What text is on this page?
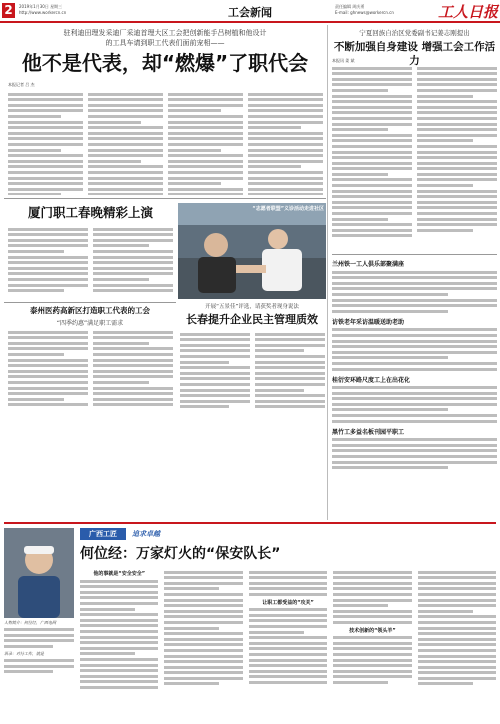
2	2019年1月30日 星期三
http://www.workercn.cn	工会新闻	责任编辑 周庆勇
E-mail: ghnews@workercn.cn	工人日报
驻利迪田理发采迪厂采迪首理大区工会把创新能手吕树植和他设计
的工具车请到职工代表们面前宠相——
他不是代表，却“燃爆”了职代会
本报记者 吕 杰
宁夏回族自治区党委副书记姜志刚提出
不断加强自身建设 增强工会工作活力
本报讯 姜 斌
兰州铁一工人俱乐部聚满座
访铁老年采访温暖送助老助
桂衍安环路尺度工上在出花化
黑竹工多益名板刊园平职工
厦门职工春晚精彩上演	“志愿者联盟”义诊活动走进社区
泰州医药高新区打造职工代表的工会
“四季约惠”满足职工需求
开展“五景佳”评选，请获奖者现身说法
长春提升企业民主管理质效
广西工匠	追求卓越
何位经：万家灯火的“保安队长”
人物简介：何位经，广西电网
语录：对待工作，就是
他的事就是“安全安全”
让职工都受益的“攻关”
技术创新的“领头羊”
